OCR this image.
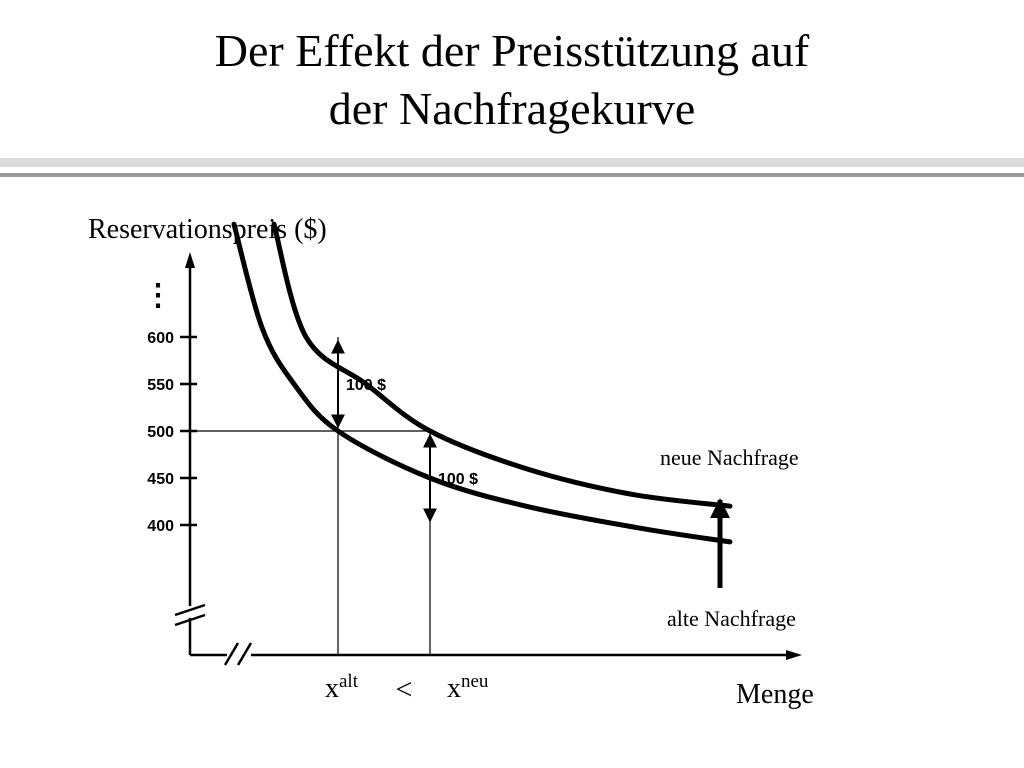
Der Effekt der Preisstützung auf
der Nachfragekurve
600
550
500
450
400
⋮
100 $
100 $
neue Nachfrage
alte Nachfrage
Reservationspreis ($)
Menge
$x^{alt} < x^{neu}$
